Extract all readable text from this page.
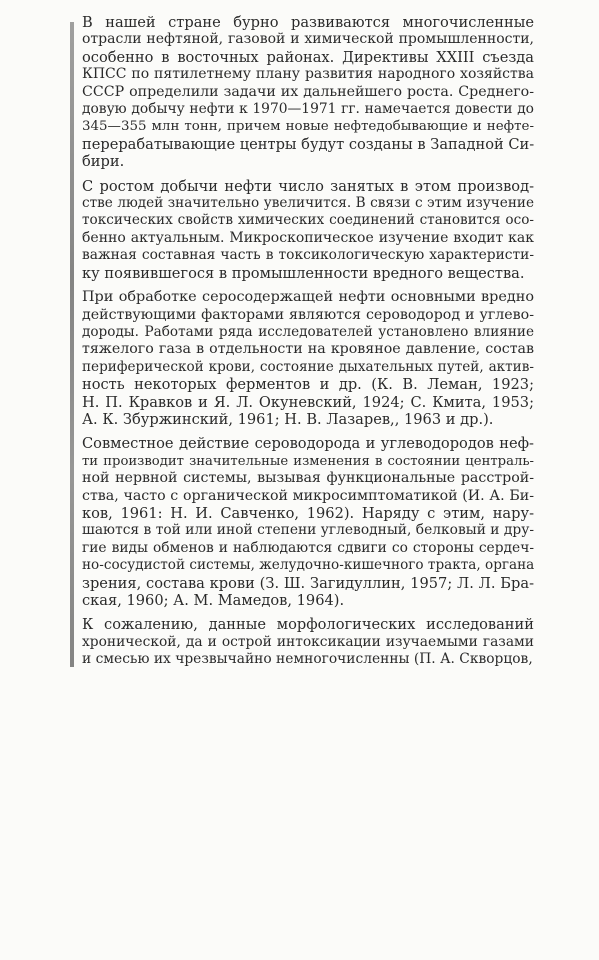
В нашей стране бурно развиваются многочисленные
отрасли нефтяной, газовой и химической промышленности,
особенно в восточных районах. Директивы XXIII съезда
КПСС по пятилетнему плану развития народного хозяйства
СССР определили задачи их дальнейшего роста. Среднего-
довую добычу нефти к 1970—1971 гг. намечается довести до
345—355 млн тонн, причем новые нефтедобывающие и нефте-
перерабатывающие центры будут созданы в Западной Си-
бири.

С ростом добычи нефти число занятых в этом производ-
стве людей значительно увеличится. В связи с этим изучение
токсических свойств химических соединений становится осо-
бенно актуальным. Микроскопическое изучение входит как
важная составная часть в токсикологическую характеристи-
ку появившегося в промышленности вредного вещества.

При обработке серосодержащей нефти основными вредно
действующими факторами являются сероводород и углево-
дороды. Работами ряда исследователей установлено влияние
тяжелого газа в отдельности на кровяное давление, состав
периферической крови, состояние дыхательных путей, актив-
ность некоторых ферментов и др. (К. В. Леман, 1923;
Н. П. Кравков и Я. Л. Окуневский, 1924; С. Кмита, 1953;
А. К. Збуржинский, 1961; Н. В. Лазарев,, 1963 и др.).

Совместное действие сероводорода и углеводородов неф-
ти производит значительные изменения в состоянии централь-
ной нервной системы, вызывая функциональные расстрой-
ства, часто с органической микросимптоматикой (И. А. Би-
ков, 1961: Н. И. Савченко, 1962). Наряду с этим, нару-
шаются в той или иной степени углеводный, белковый и дру-
гие виды обменов и наблюдаются сдвиги со стороны сердеч-
но-сосудистой системы, желудочно-кишечного тракта, органа
зрения, состава крови (З. Ш. Загидуллин, 1957; Л. Л. Бра-
ская, 1960; А. М. Мамедов, 1964).

К сожалению, данные морфологических исследований
хронической, да и острой интоксикации изучаемыми газами
и смесью их чрезвычайно немногочисленны (П. А. Скворцов,
